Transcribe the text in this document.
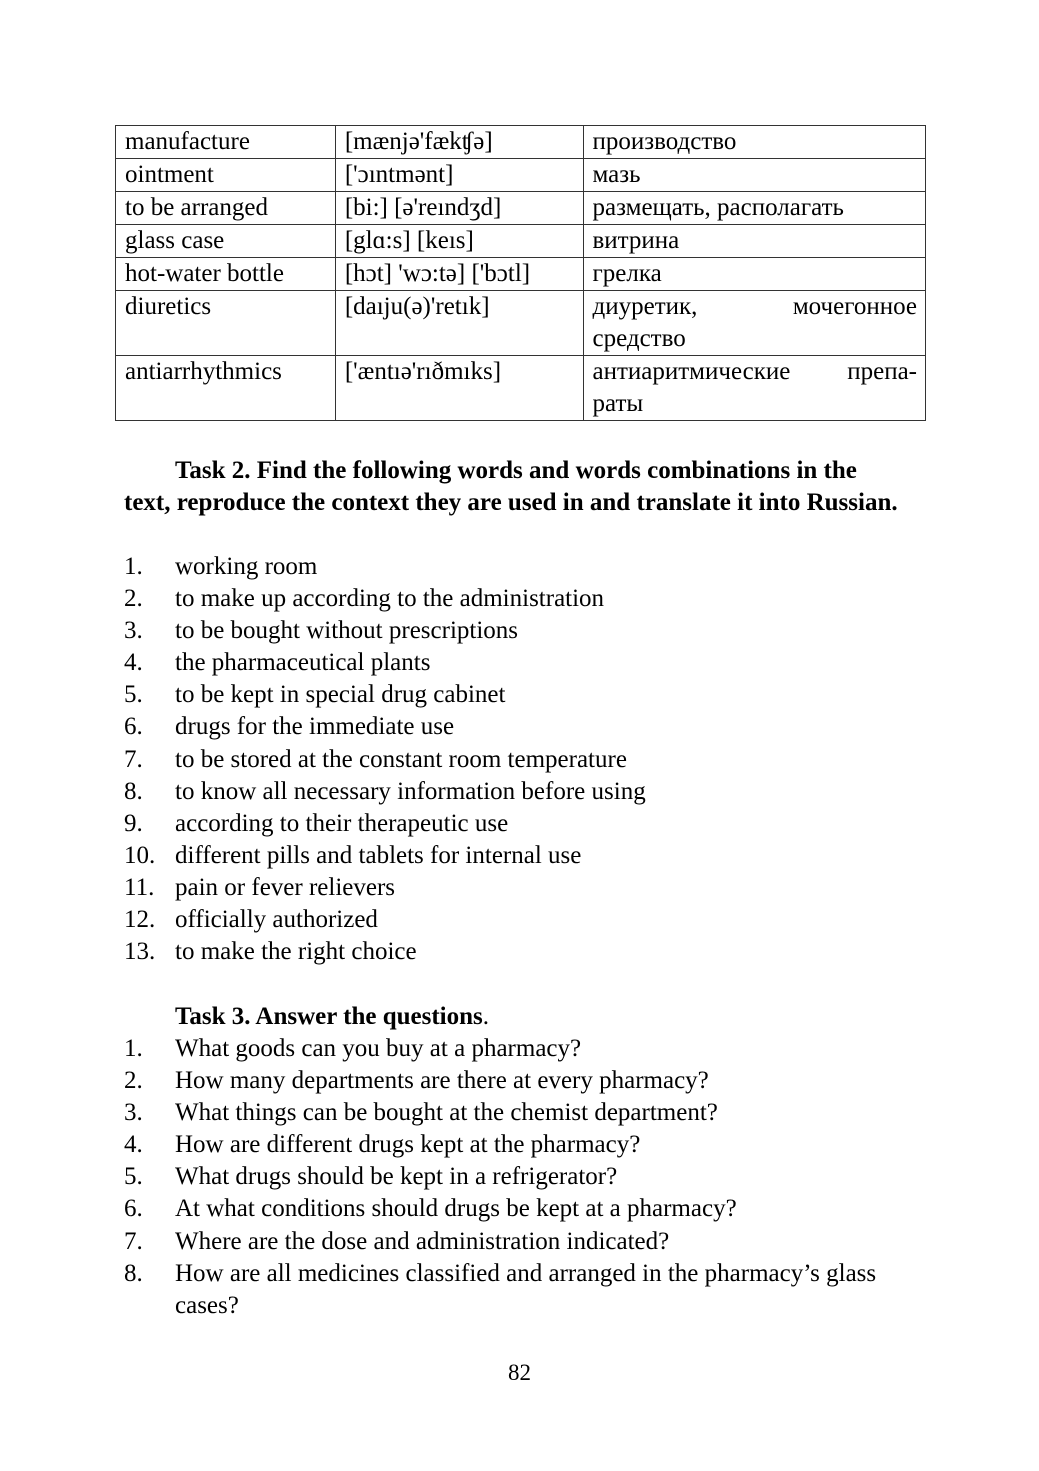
manufacture	[mænjə'fækʧə]	производство
ointment	['ɔıntmənt]	мазь
to be arranged	[bi:] [ə'reındʒd]	размещать, располагать
glass case	[glɑ:s] [keıs]	витрина
hot-water bottle	[hɔt] 'wɔ:tə] ['bɔtl]	грелка
diuretics	[daıju(ə)'retık]	диуретик, мочегонное
средство

antiarrhythmics	['æntıə'rıðmıks]	антиаритмические препа-
раты
Task 2. Find the following words and words combinations in the text, reproduce the context they are used in and translate it into Russian.
1. working room
2. to make up according to the administration
3. to be bought without prescriptions
4. the pharmaceutical plants
5. to be kept in special drug cabinet
6. drugs for the immediate use
7. to be stored at the constant room temperature
8. to know all necessary information before using
9. according to their therapeutic use
10. different pills and tablets for internal use
11. pain or fever relievers
12. officially authorized
13. to make the right choice
Task 3. Answer the questions.
1. What goods can you buy at a pharmacy?
2. How many departments are there at every pharmacy?
3. What things can be bought at the chemist department?
4. How are different drugs kept at the pharmacy?
5. What drugs should be kept in a refrigerator?
6. At what conditions should drugs be kept at a pharmacy?
7. Where are the dose and administration indicated?
8. How are all medicines classified and arranged in the pharmacy’s glass cases?
82
